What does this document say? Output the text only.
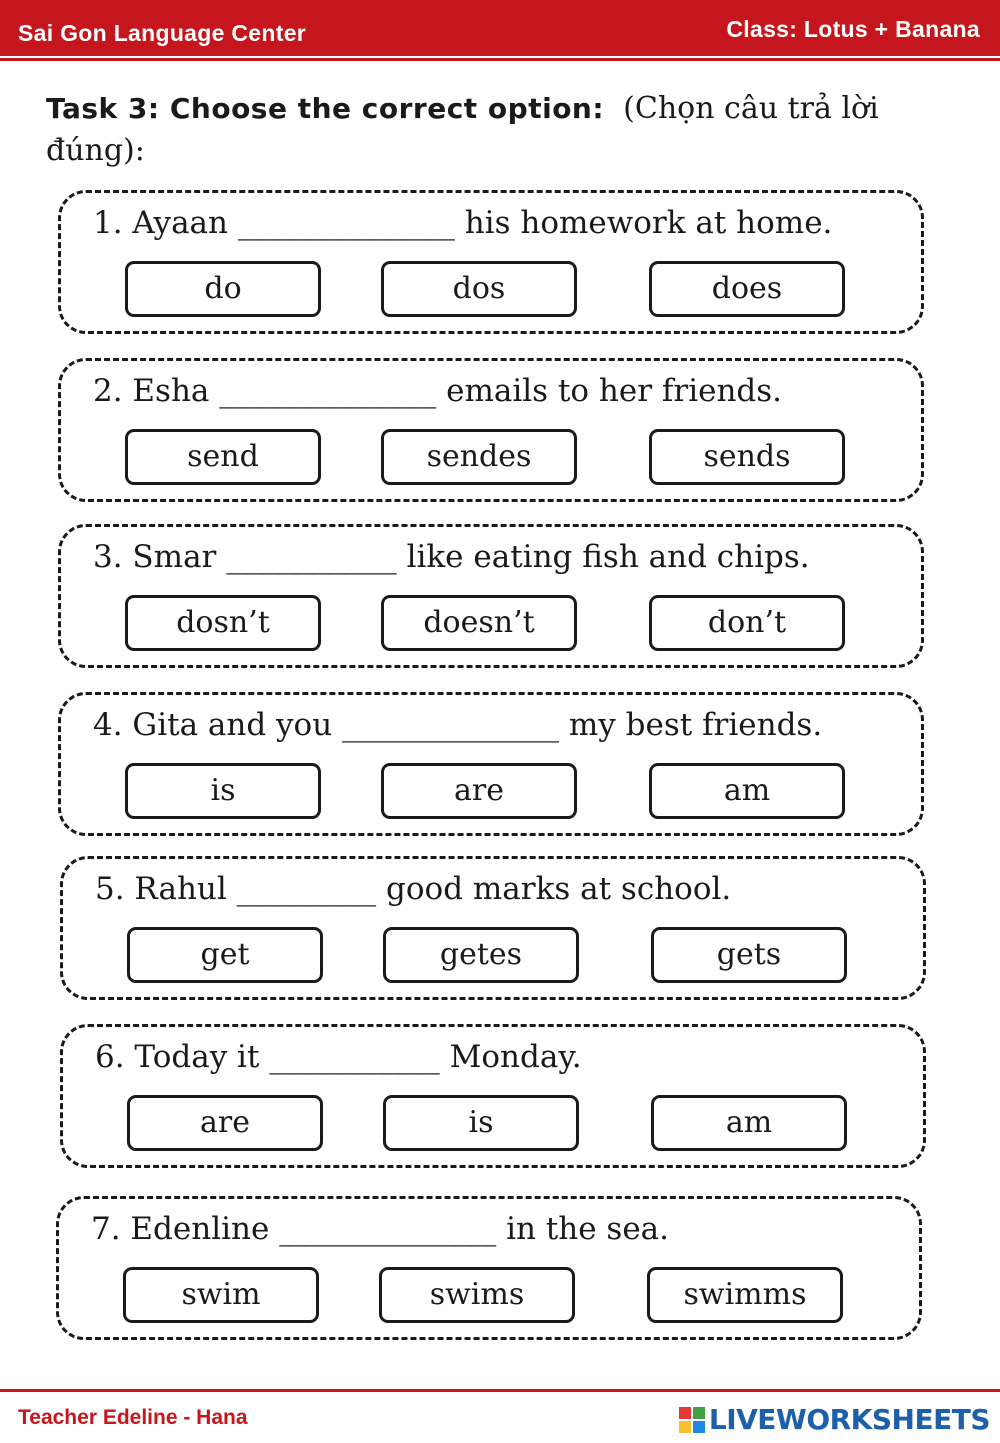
Sai Gon Language Center	Class: Lotus + Banana
Task 3: Choose the correct option: (Chọn câu trả lời đúng):
1. Ayaan ______________ his homework at home.
do	dos	does
2. Esha ______________ emails to her friends.
send	sendes	sends
3. Smar ___________ like eating fish and chips.
dosn’t	doesn’t	don’t
4. Gita and you ______________ my best friends.
is	are	am
5. Rahul _________ good marks at school.
get	getes	gets
6. Today it ___________ Monday.
are	is	am
7. Edenline ______________ in the sea.
swim	swims	swimms
Teacher Edeline - Hana	LIVEWORKSHEETS
